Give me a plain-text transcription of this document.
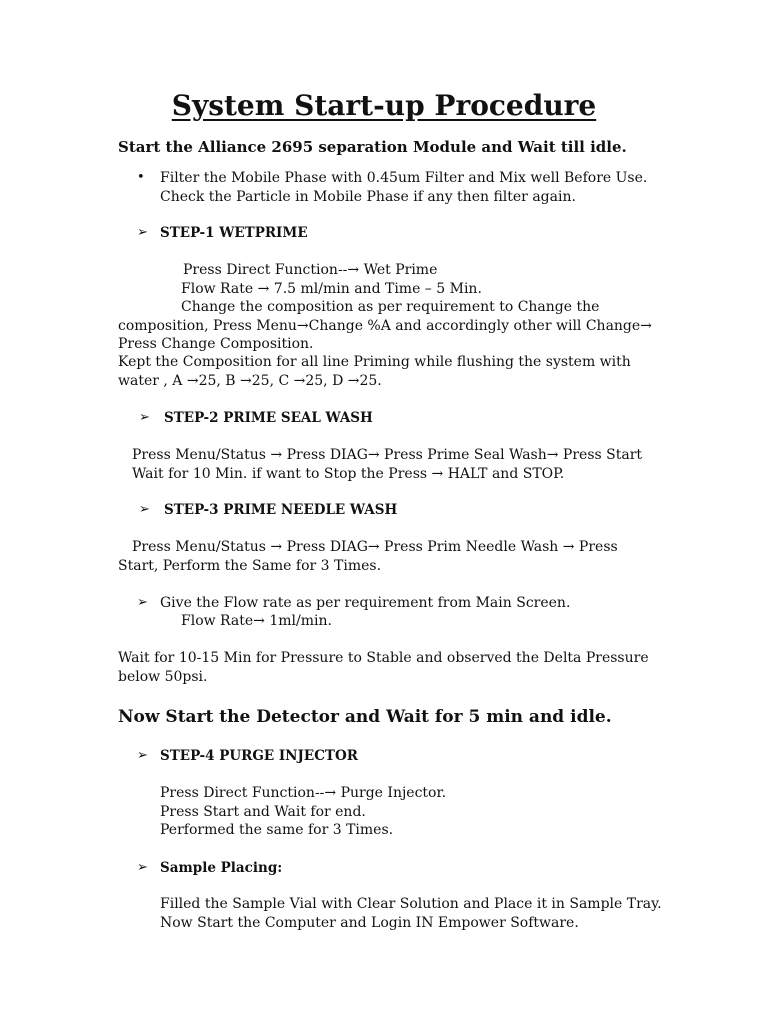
System Start-up Procedure
Start the Alliance 2695 separation Module and Wait till idle.
• Filter the Mobile Phase with 0.45um Filter and Mix well Before Use.
Check the Particle in Mobile Phase if any then filter again.
➢ STEP-1 WETPRIME
Press Direct Function--→ Wet Prime
Flow Rate → 7.5 ml/min and Time – 5 Min.
Change the composition as per requirement to Change the
composition, Press Menu→Change %A and accordingly other will Change→
Press Change Composition.
Kept the Composition for all line Priming while flushing the system with
water , A →25, B →25, C →25, D →25.
➢ STEP-2 PRIME SEAL WASH
Press Menu/Status → Press DIAG→ Press Prime Seal Wash→ Press Start
Wait for 10 Min. if want to Stop the Press → HALT and STOP.
➢ STEP-3 PRIME NEEDLE WASH
Press Menu/Status → Press DIAG→ Press Prim Needle Wash → Press
Start, Perform the Same for 3 Times.
➢ Give the Flow rate as per requirement from Main Screen.
Flow Rate→ 1ml/min.
Wait for 10-15 Min for Pressure to Stable and observed the Delta Pressure
below 50psi.
Now Start the Detector and Wait for 5 min and idle.
➢ STEP-4 PURGE INJECTOR
Press Direct Function--→ Purge Injector.
Press Start and Wait for end.
Performed the same for 3 Times.
➢ Sample Placing:
Filled the Sample Vial with Clear Solution and Place it in Sample Tray.
Now Start the Computer and Login IN Empower Software.
